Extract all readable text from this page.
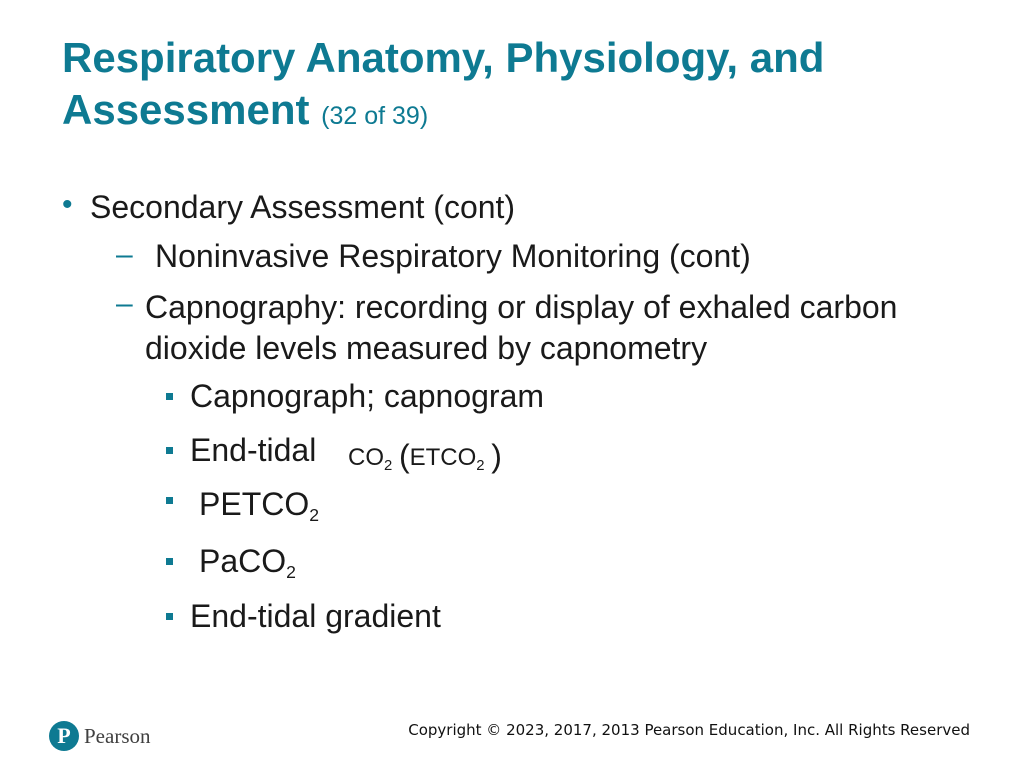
Respiratory Anatomy, Physiology, and Assessment (32 of 39)
• Secondary Assessment (cont)
– Noninvasive Respiratory Monitoring (cont)
– Capnography: recording or display of exhaled carbon dioxide levels measured by capnometry
Capnograph; capnogram
End-tidal $CO_2$ ($ETCO_2$ )
$PETCO_2$
PaCO$_2$
End-tidal gradient
P Pearson	Copyright © 2023, 2017, 2013 Pearson Education, Inc. All Rights Reserved
